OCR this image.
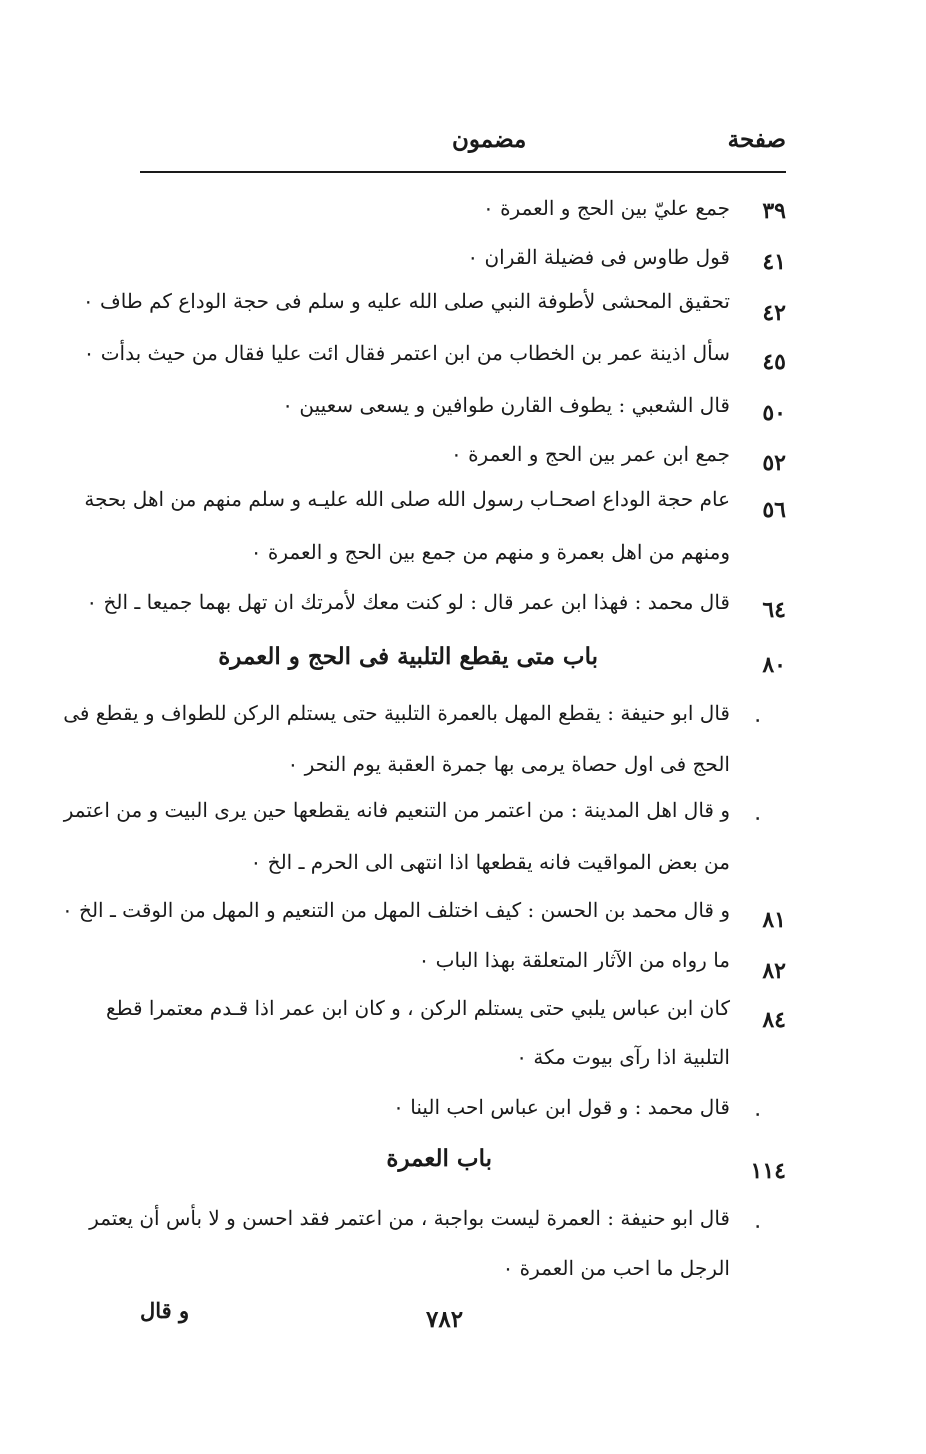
صفحة
مضمون
٣٩
جمع عليّ بين الحج و العمرة ٠
٤١
قول طاوس فى فضيلة القران ٠
٤٢
تحقيق المحشى لأطوفة النبي صلى الله عليه و سلم فى حجة الوداع كم طاف ٠
٤٥
سأل اذينة عمر بن الخطاب من ابن اعتمر فقال ائت عليا فقال من حيث بدأت ٠
٥٠
قال الشعبي : يطوف القارن طوافين و يسعى سعيين ٠
٥٢
جمع ابن عمر بين الحج و العمرة ٠
٥٦
عام حجة الوداع اصحـاب رسول الله صلى الله عليـه و سلم منهم من اهل بحجة
ومنهم من اهل بعمرة و منهم من جمع بين الحج و العمرة ٠
٦٤
قال محمد : فهذا ابن عمر قال : لو كنت معك لأمرتك ان تهل بهما جميعا ـ الخ ٠
٨٠
باب متى يقطع التلبية فى الحج و العمرة
٠
قال ابو حنيفة : يقطع المهل بالعمرة التلبية حتى يستلم الركن للطواف و يقطع فى
الحج فى اول حصاة يرمى بها جمرة العقبة يوم النحر ٠
٠
و قال اهل المدينة : من اعتمر من التنعيم فانه يقطعها حين يرى البيت و من اعتمر
من بعض المواقيت فانه يقطعها اذا انتهى الى الحرم ـ الخ ٠
٨١
و قال محمد بن الحسن : كيف اختلف المهل من التنعيم و المهل من الوقت ـ الخ ٠
٨٢
ما رواه من الآثار المتعلقة بهذا الباب ٠
٨٤
كان ابن عباس يلبي حتى يستلم الركن ، و كان ابن عمر اذا قـدم معتمرا قطع
التلبية اذا رآى بيوت مكة ٠
٠
قال محمد : و قول ابن عباس احب الينا ٠
١١٤
باب العمرة
٠
قال ابو حنيفة : العمرة ليست بواجبة ، من اعتمر فقد احسن و لا بأس أن يعتمر
الرجل ما احب من العمرة ٠
٧٨٢
و قال
